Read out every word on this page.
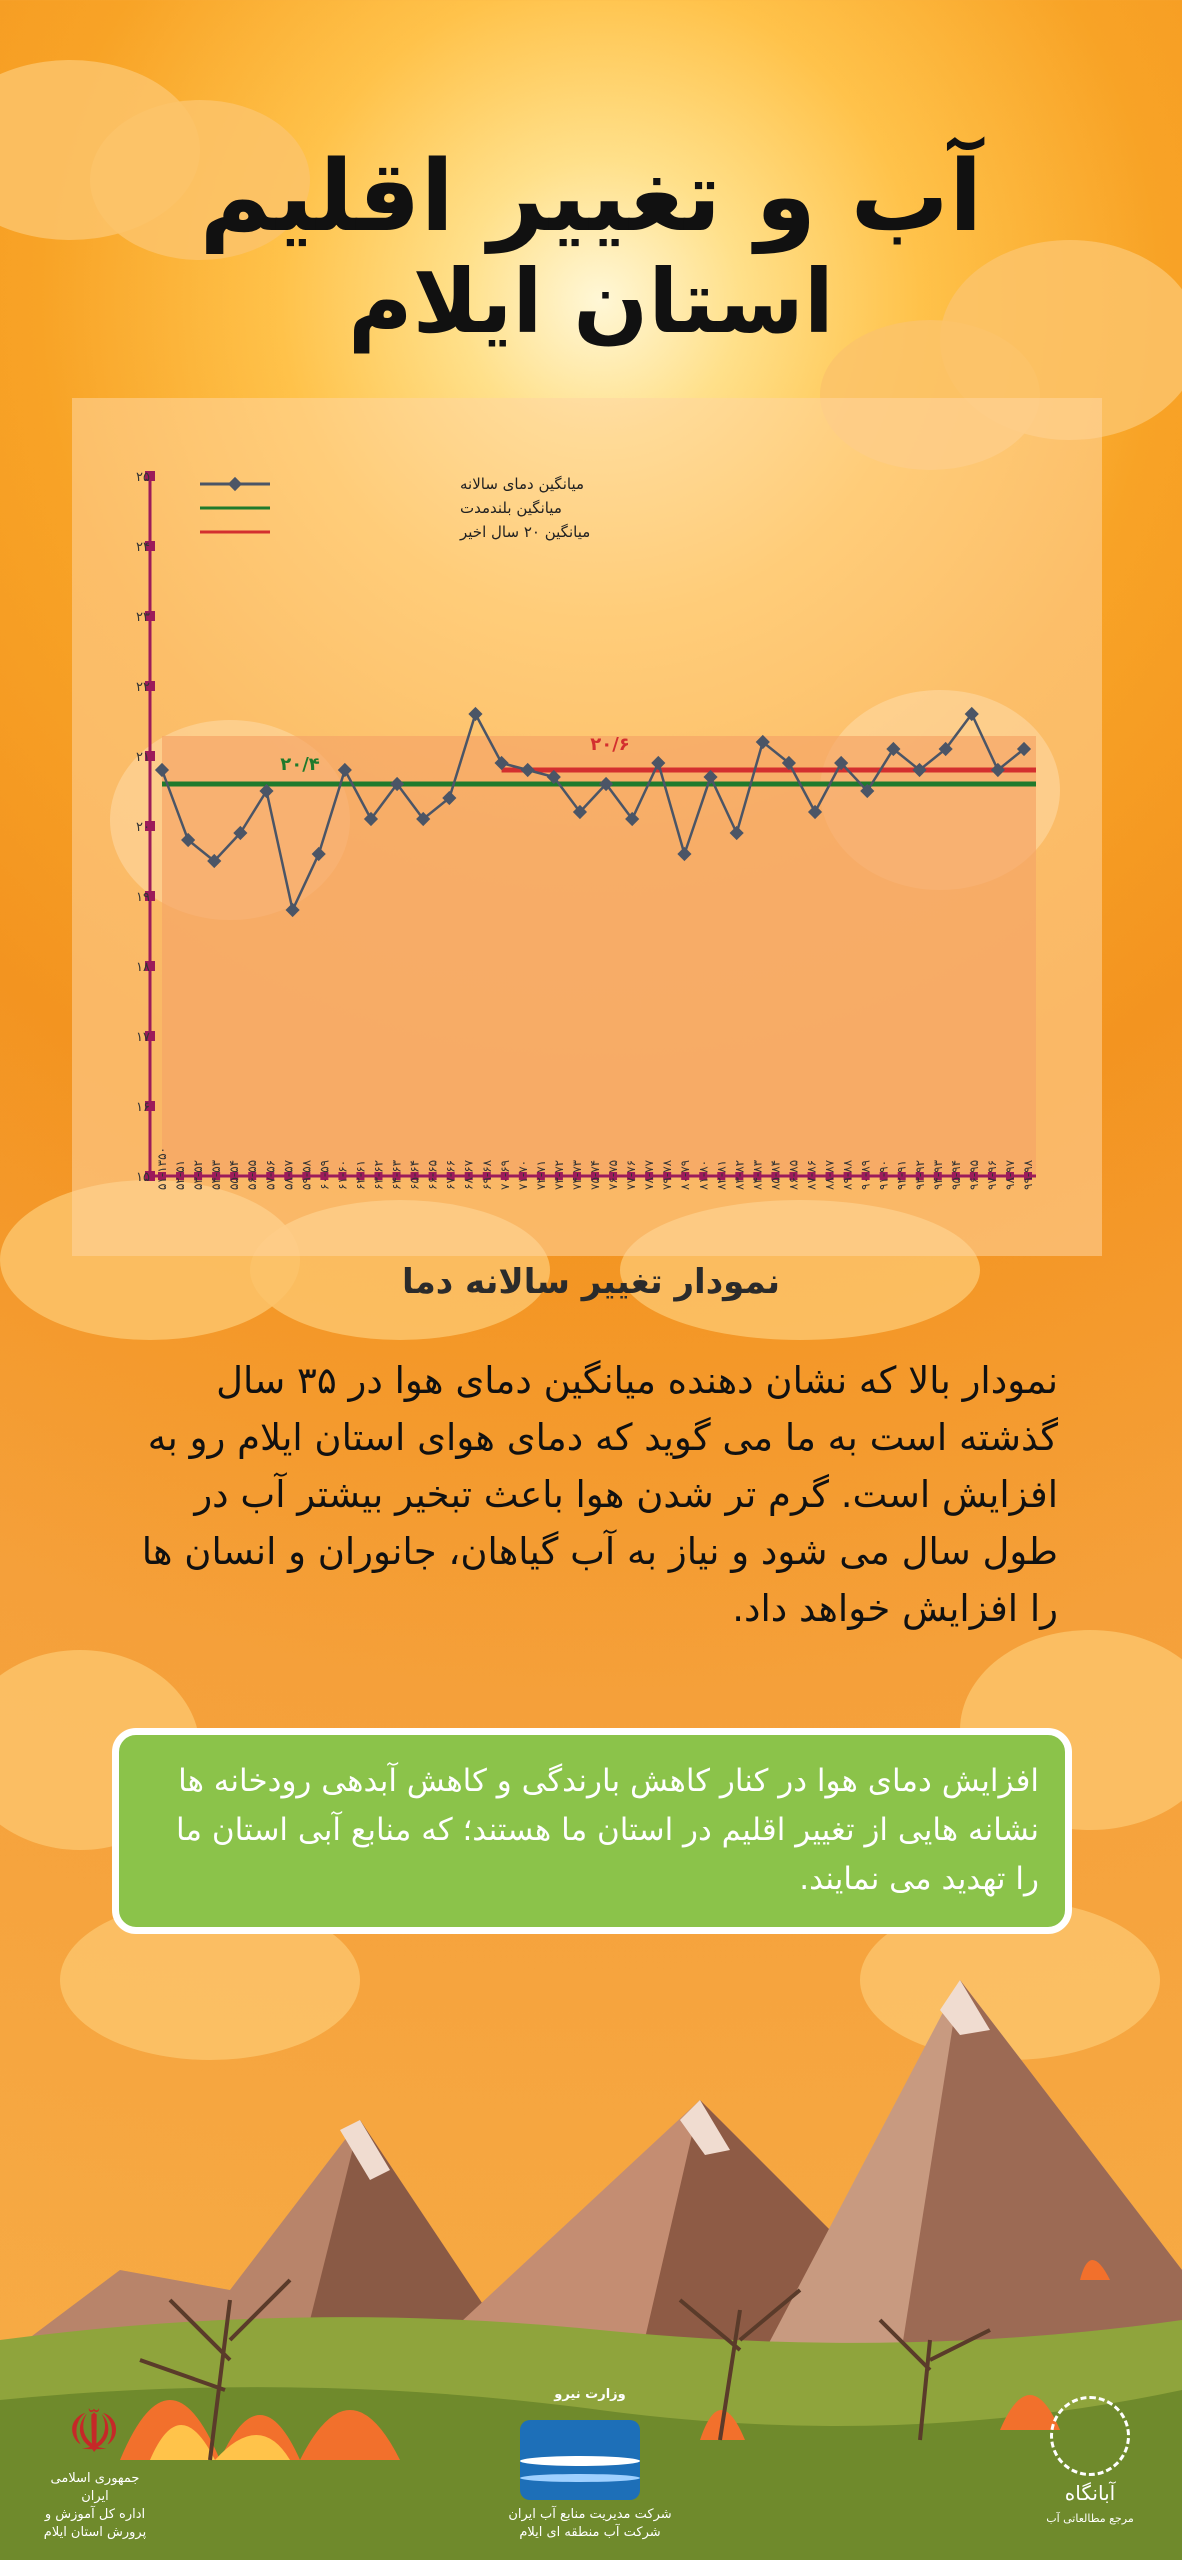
آب و تغییر اقلیم
استان ایلام
۲۵
۲۴
۲۳
۲۲
۲۱
۲۰
۱۹
۱۸
۱۷
۱۶
۱۵ ۵۱-۱۳۵۰ ۵۲-۵۱ ۵۳-۵۲ ۵۴-۵۳ ۵۵-۵۴ ۵۶-۵۵ ۵۷-۵۶ ۵۸-۵۷ ۵۹-۵۸ ۶۰-۵۹ ۶۱-۶۰ ۶۲-۶۱ ۶۳-۶۲ ۶۴-۶۳ ۶۵-۶۴ ۶۶-۶۵ ۶۷-۶۶ ۶۸-۶۷ ۶۹-۶۸ ۷۰-۶۹ ۷۱-۷۰ ۷۲-۷۱ ۷۳-۷۲ ۷۴-۷۳ ۷۵-۷۴ ۷۶-۷۵ ۷۷-۷۶ ۷۸-۷۷ ۷۹-۷۸ ۸۰-۷۹ ۸۱-۸۰ ۸۲-۸۱ ۸۳-۸۲ ۸۴-۸۳ ۸۵-۸۴ ۸۶-۸۵ ۸۷-۸۶ ۸۸-۸۷ ۸۹-۸۸ ۹۰-۸۹ ۹۱-۹۰ ۹۲-۹۱ ۹۳-۹۲ ۹۴-۹۳ ۹۵-۹۴ ۹۶-۹۵ ۹۷-۹۶ ۹۸-۹۷ ۹۹-۹۸
۲۰/۴
۲۰/۶
میانگین دمای سالانه
میانگین بلندمدت
میانگین ۲۰ سال اخیر
نمودار تغییر سالانه دما
نمودار بالا که نشان دهنده میانگین دمای هوا در ۳۵ سال گذشته است به ما می گوید که دمای هوای استان ایلام رو به افزایش است. گرم تر شدن هوا باعث تبخیر بیشتر آب در طول سال می شود و نیاز به آب گیاهان، جانوران و انسان ها را افزایش خواهد داد.
افزایش دمای هوا در کنار کاهش بارندگی و کاهش آبدهی رودخانه ها نشانه هایی از تغییر اقلیم در استان ما هستند؛ که منابع آبی استان ما را تهدید می نمایند.
☫
جمهوری اسلامی ایران
اداره کل آموزش و پرورش استان ایلام
وزارت نیرو
شرکت مدیریت منابع آب ایران
شرکت آب منطقه ای ایلام
آبانگاه
مرجع مطالعاتی آب
